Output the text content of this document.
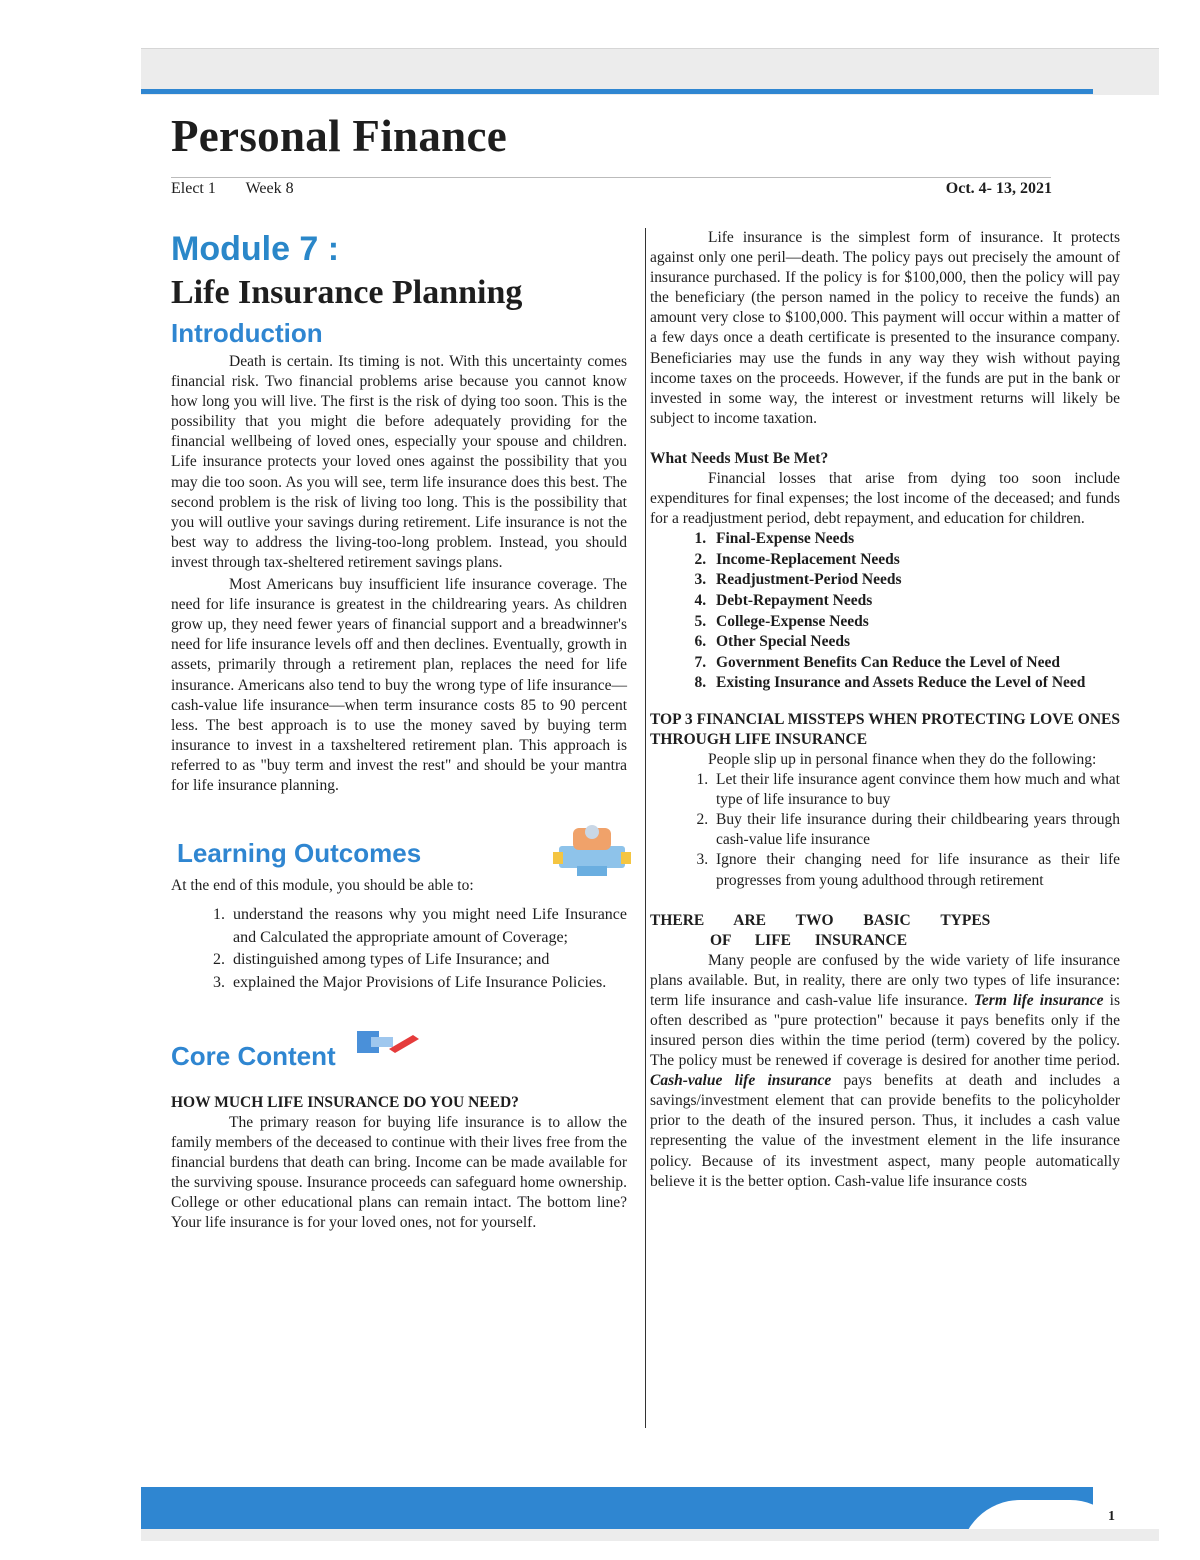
Personal Finance
Elect 1 Week 8	Oct. 4- 13, 2021
Module 7 :
Life Insurance Planning
Introduction

Death is certain. Its timing is not. With this uncertainty comes financial risk. Two financial problems arise because you cannot know how long you will live. The first is the risk of dying too soon. This is the possibility that you might die before adequately providing for the financial wellbeing of loved ones, especially your spouse and children. Life insurance protects your loved ones against the possibility that you may die too soon. As you will see, term life insurance does this best. The second problem is the risk of living too long. This is the possibility that you will outlive your savings during retirement. Life insurance is not the best way to address the living-too-long problem. Instead, you should invest through tax-sheltered retirement savings plans.

Most Americans buy insufficient life insurance coverage. The need for life insurance is greatest in the childrearing years. As children grow up, they need fewer years of financial support and a breadwinner's need for life insurance levels off and then declines. Eventually, growth in assets, primarily through a retirement plan, replaces the need for life insurance. Americans also tend to buy the wrong type of life insurance—cash-value life insurance—when term insurance costs 85 to 90 percent less. The best approach is to use the money saved by buying term insurance to invest in a taxsheltered retirement plan. This approach is referred to as "buy term and invest the rest" and should be your mantra for life insurance planning.

Learning Outcomes

At the end of this module, you should be able to:

1. understand the reasons why you might need Life Insurance and Calculated the appropriate amount of Coverage;
2. distinguished among types of Life Insurance; and
3. explained the Major Provisions of Life Insurance Policies.
Core Content

HOW MUCH LIFE INSURANCE DO YOU NEED?

The primary reason for buying life insurance is to allow the family members of the deceased to continue with their lives free from the financial burdens that death can bring. Income can be made available for the surviving spouse. Insurance proceeds can safeguard home ownership. College or other educational plans can remain intact. The bottom line? Your life insurance is for your loved ones, not for yourself.

Life insurance is the simplest form of insurance. It protects against only one peril—death. The policy pays out precisely the amount of insurance purchased. If the policy is for $100,000, then the policy will pay the beneficiary (the person named in the policy to receive the funds) an amount very close to $100,000. This payment will occur within a matter of a few days once a death certificate is presented to the insurance company. Beneficiaries may use the funds in any way they wish without paying income taxes on the proceeds. However, if the funds are put in the bank or invested in some way, the interest or investment returns will likely be subject to income taxation.

What Needs Must Be Met?

Financial losses that arise from dying too soon include expenditures for final expenses; the lost income of the deceased; and funds for a readjustment period, debt repayment, and education for children.

1. Final-Expense Needs
2. Income-Replacement Needs
3. Readjustment-Period Needs
4. Debt-Repayment Needs
5. College-Expense Needs
6. Other Special Needs
7. Government Benefits Can Reduce the Level of Need
8. Existing Insurance and Assets Reduce the Level of Need

TOP 3 FINANCIAL MISSTEPS WHEN PROTECTING LOVE ONES THROUGH LIFE INSURANCE

People slip up in personal finance when they do the following:

1. Let their life insurance agent convince them how much and what type of life insurance to buy
2. Buy their life insurance during their childbearing years through cash-value life insurance
3. Ignore their changing need for life insurance as their life progresses from young adulthood through retirement

THERE ARE TWO BASIC TYPES

OF LIFE INSURANCE

Many people are confused by the wide variety of life insurance plans available. But, in reality, there are only two types of life insurance: term life insurance and cash-value life insurance. Term life insurance is often described as "pure protection" because it pays benefits only if the insured person dies within the time period (term) covered by the policy. The policy must be renewed if coverage is desired for another time period. Cash-value life insurance pays benefits at death and includes a savings/investment element that can provide benefits to the policyholder prior to the death of the insured person. Thus, it includes a cash value representing the value of the investment element in the life insurance policy. Because of its investment aspect, many people automatically believe it is the better option. Cash-value life insurance costs

1
